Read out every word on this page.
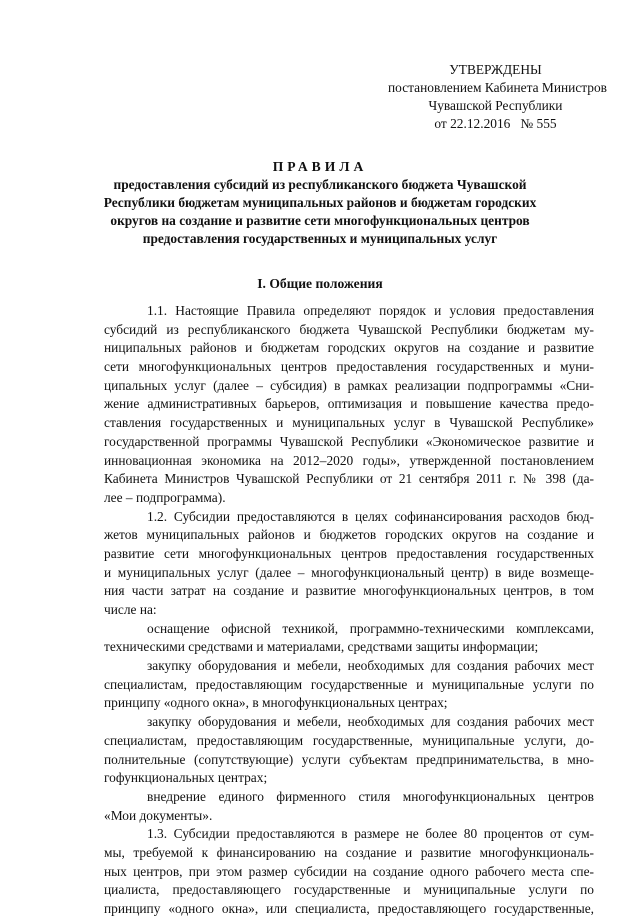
УТВЕРЖДЕНЫ
постановлением Кабинета Министров
Чувашской Республики
от 22.12.2016   № 555
ПРАВИЛА
предоставления субсидий из республиканского бюджета Чувашской
Республики бюджетам муниципальных районов и бюджетам городских
округов на создание и развитие сети многофункциональных центров
предоставления государственных и муниципальных услуг
I. Общие положения
1.1. Настоящие Правила определяют порядок и условия предоставления
субсидий из республиканского бюджета Чувашской Республики бюджетам му-
ниципальных районов и бюджетам городских округов на создание и развитие
сети многофункциональных центров предоставления государственных и муни-
ципальных услуг (далее – субсидия) в рамках реализации подпрограммы «Сни-
жение административных барьеров, оптимизация и повышение качества предо-
ставления государственных и муниципальных услуг в Чувашской Республике»
государственной программы Чувашской Республики «Экономическое развитие и
инновационная экономика на 2012–2020 годы», утвержденной постановлением
Кабинета Министров Чувашской Республики от 21 сентября 2011 г. № 398 (да-
лее – подпрограмма).
1.2. Субсидии предоставляются в целях софинансирования расходов бюд-
жетов муниципальных районов и бюджетов городских округов на создание и
развитие сети многофункциональных центров предоставления государственных
и муниципальных услуг (далее – многофункциональный центр) в виде возмеще-
ния части затрат на создание и развитие многофункциональных центров, в том
числе на:
оснащение офисной техникой, программно-техническими комплексами,
техническими средствами и материалами, средствами защиты информации;
закупку оборудования и мебели, необходимых для создания рабочих мест
специалистам, предоставляющим государственные и муниципальные услуги по
принципу «одного окна», в многофункциональных центрах;
закупку оборудования и мебели, необходимых для создания рабочих мест
специалистам, предоставляющим государственные, муниципальные услуги, до-
полнительные (сопутствующие) услуги субъектам предпринимательства, в мно-
гофункциональных центрах;
внедрение единого фирменного стиля многофункциональных центров
«Мои документы».
1.3. Субсидии предоставляются в размере не более 80 процентов от сум-
мы, требуемой к финансированию на создание и развитие многофункциональ-
ных центров, при этом размер субсидии на создание одного рабочего места спе-
циалиста, предоставляющего государственные и муниципальные услуги по
принципу «одного окна», или специалиста, предоставляющего государственные,
